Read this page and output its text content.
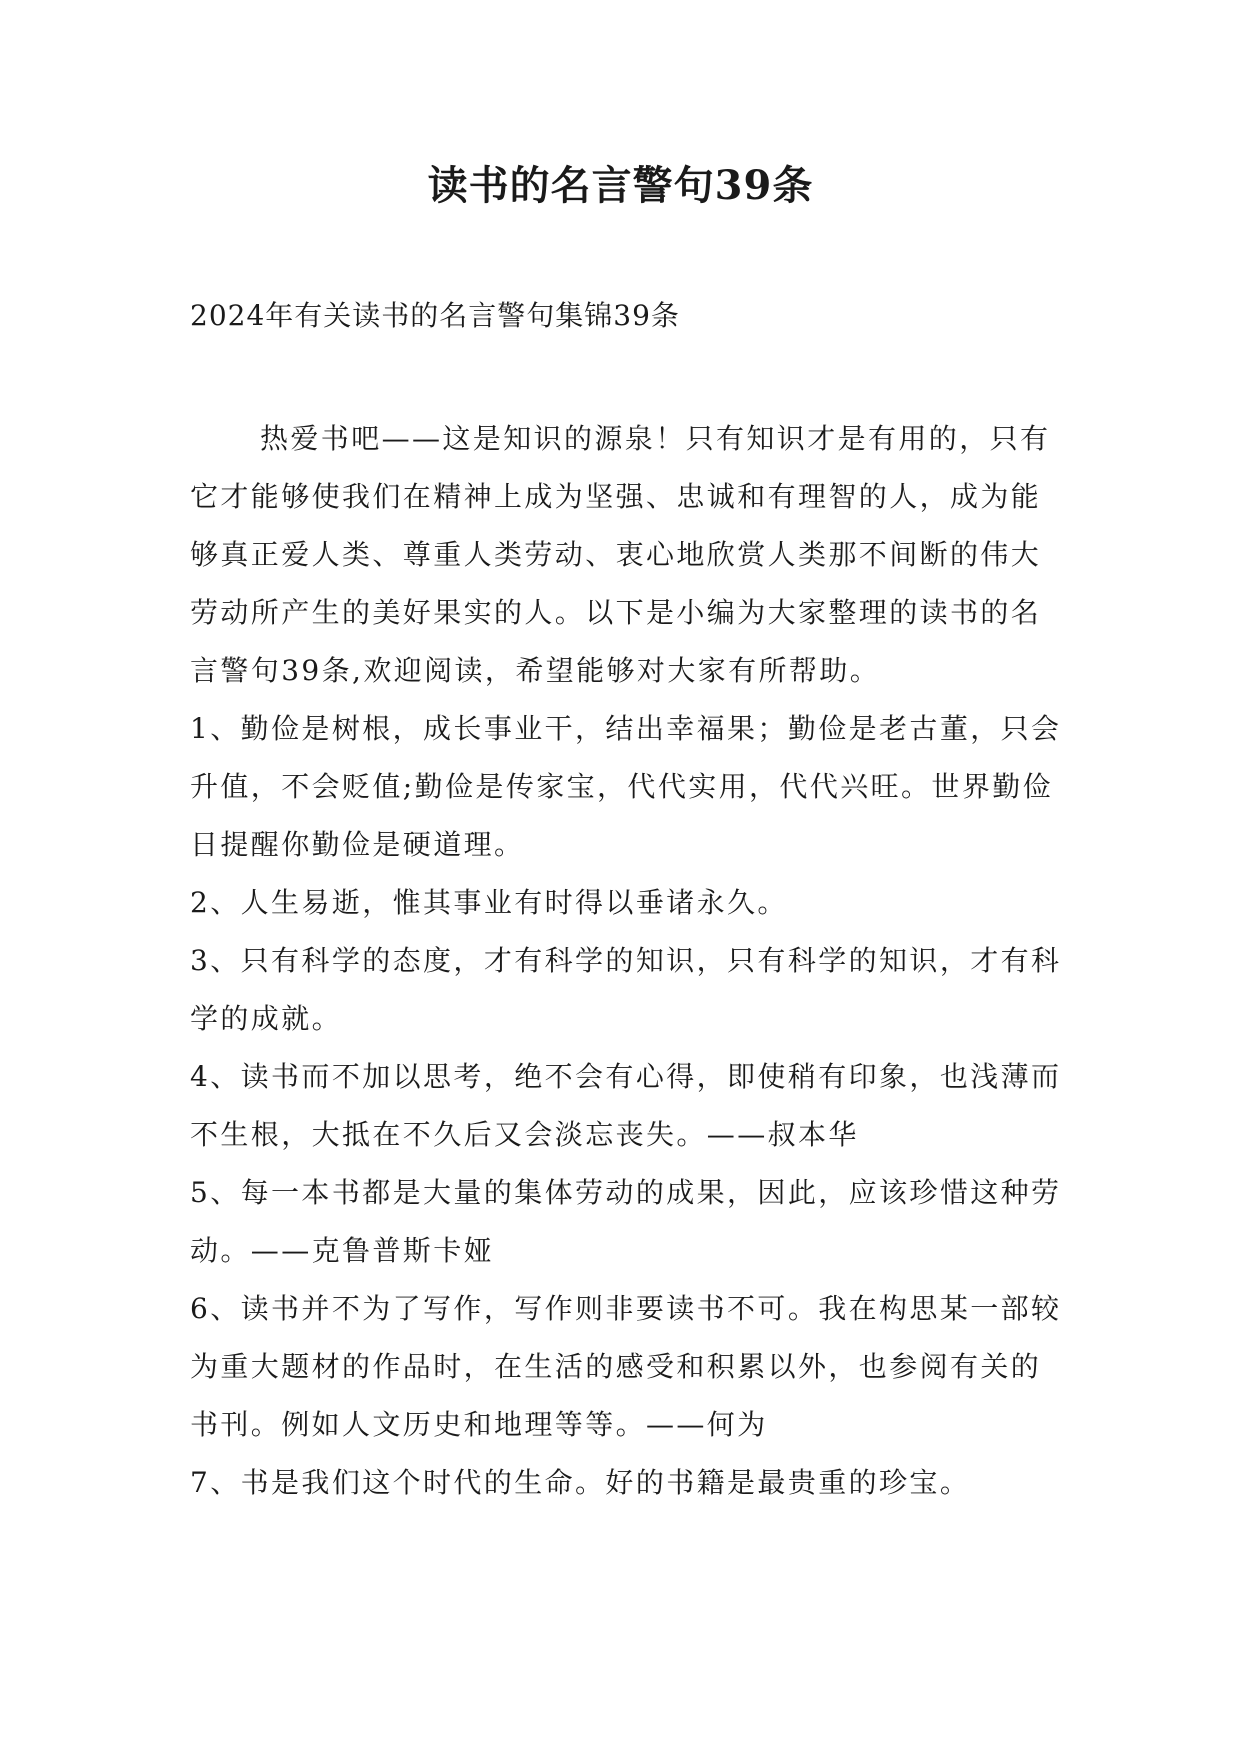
读书的名言警句39条

2024年有关读书的名言警句集锦39条

热爱书吧——这是知识的源泉！只有知识才是有用的，只有它才能够使我们在精神上成为坚强、忠诚和有理智的人，成为能够真正爱人类、尊重人类劳动、衷心地欣赏人类那不间断的伟大劳动所产生的美好果实的人。以下是小编为大家整理的读书的名言警句39条,欢迎阅读，希望能够对大家有所帮助。

1、勤俭是树根，成长事业干，结出幸福果；勤俭是老古董，只会升值，不会贬值;勤俭是传家宝，代代实用，代代兴旺。世界勤俭日提醒你勤俭是硬道理。

2、人生易逝，惟其事业有时得以垂诸永久。

3、只有科学的态度，才有科学的知识，只有科学的知识，才有科学的成就。

4、读书而不加以思考，绝不会有心得，即使稍有印象，也浅薄而不生根，大抵在不久后又会淡忘丧失。——叔本华

5、每一本书都是大量的集体劳动的成果，因此，应该珍惜这种劳动。——克鲁普斯卡娅

6、读书并不为了写作，写作则非要读书不可。我在构思某一部较为重大题材的作品时，在生活的感受和积累以外，也参阅有关的书刊。例如人文历史和地理等等。——何为

7、书是我们这个时代的生命。好的书籍是最贵重的珍宝。
